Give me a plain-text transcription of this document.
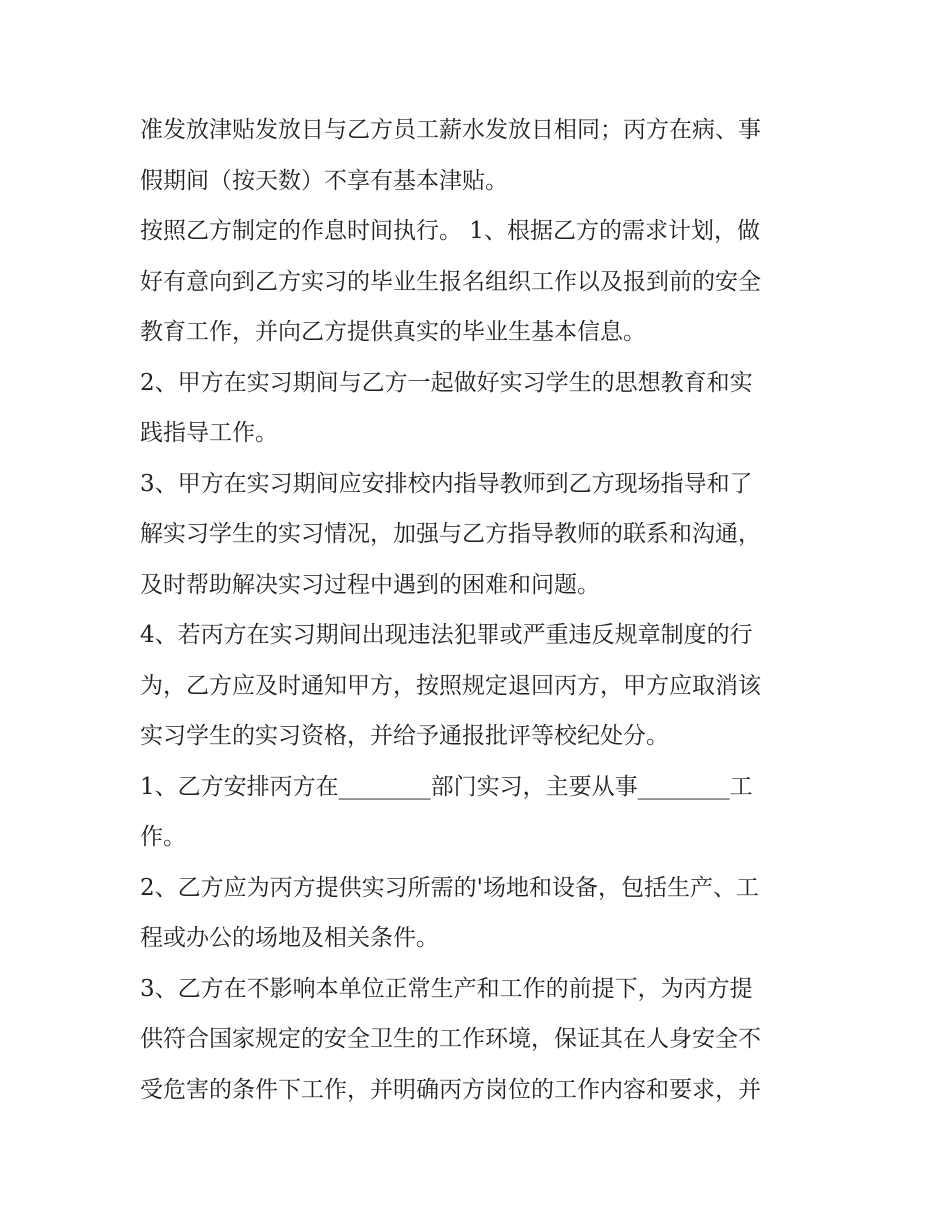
准发放津贴发放日与乙方员工薪水发放日相同；丙方在病、事
假期间（按天数）不享有基本津贴。
按照乙方制定的作息时间执行。 1、根据乙方的需求计划，做
好有意向到乙方实习的毕业生报名组织工作以及报到前的安全
教育工作，并向乙方提供真实的毕业生基本信息。
2、甲方在实习期间与乙方一起做好实习学生的思想教育和实
践指导工作。
3、甲方在实习期间应安排校内指导教师到乙方现场指导和了
解实习学生的实习情况，加强与乙方指导教师的联系和沟通，
及时帮助解决实习过程中遇到的困难和问题。
4、若丙方在实习期间出现违法犯罪或严重违反规章制度的行
为，乙方应及时通知甲方，按照规定退回丙方，甲方应取消该
实习学生的实习资格，并给予通报批评等校纪处分。
1、乙方安排丙方在________部门实习，主要从事________工
作。
2、乙方应为丙方提供实习所需的'场地和设备，包括生产、工
程或办公的场地及相关条件。
3、乙方在不影响本单位正常生产和工作的前提下，为丙方提
供符合国家规定的安全卫生的工作环境，保证其在人身安全不
受危害的条件下工作，并明确丙方岗位的工作内容和要求，并
